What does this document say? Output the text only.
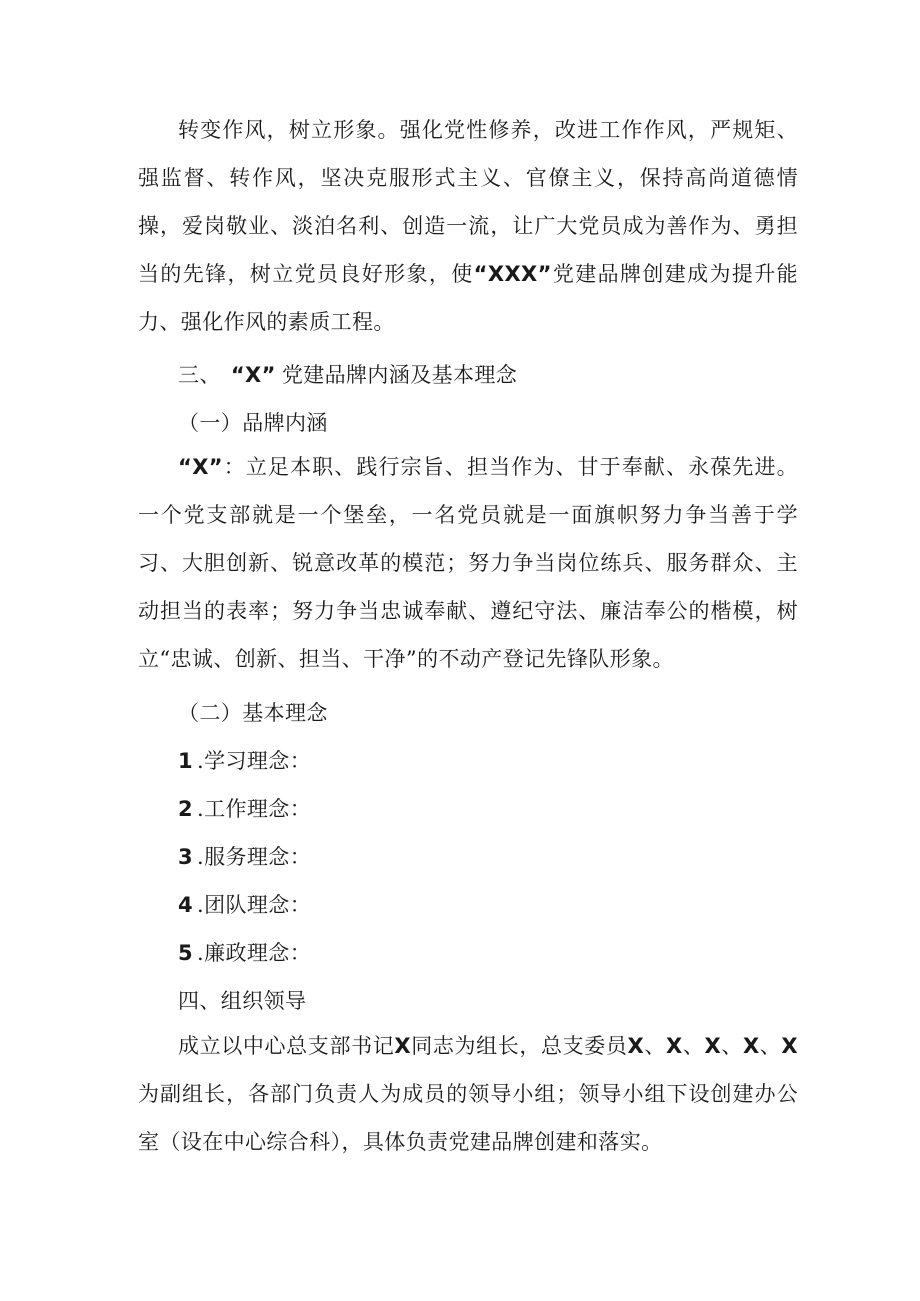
转变作风，树立形象。强化党性修养，改进工作作风，严规矩、强监督、转作风，坚决克服形式主义、官僚主义，保持高尚道德情操，爱岗敬业、淡泊名利、创造一流，让广大党员成为善作为、勇担当的先锋，树立党员良好形象，使“XXX”党建品牌创建成为提升能力、强化作风的素质工程。

三、 “X” 党建品牌内涵及基本理念

（一）品牌内涵

“X”：立足本职、践行宗旨、担当作为、甘于奉献、永葆先进。一个党支部就是一个堡垒，一名党员就是一面旗帜努力争当善于学习、大胆创新、锐意改革的模范；努力争当岗位练兵、服务群众、主动担当的表率；努力争当忠诚奉献、遵纪守法、廉洁奉公的楷模，树立“忠诚、创新、担当、干净”的不动产登记先锋队形象。

（二）基本理念

1 .学习理念：

2 .工作理念：

3 .服务理念：

4 .团队理念：

5 .廉政理念：

四、组织领导

成立以中心总支部书记X同志为组长，总支委员X、X、X、X、X为副组长，各部门负责人为成员的领导小组；领导小组下设创建办公室（设在中心综合科），具体负责党建品牌创建和落实。
